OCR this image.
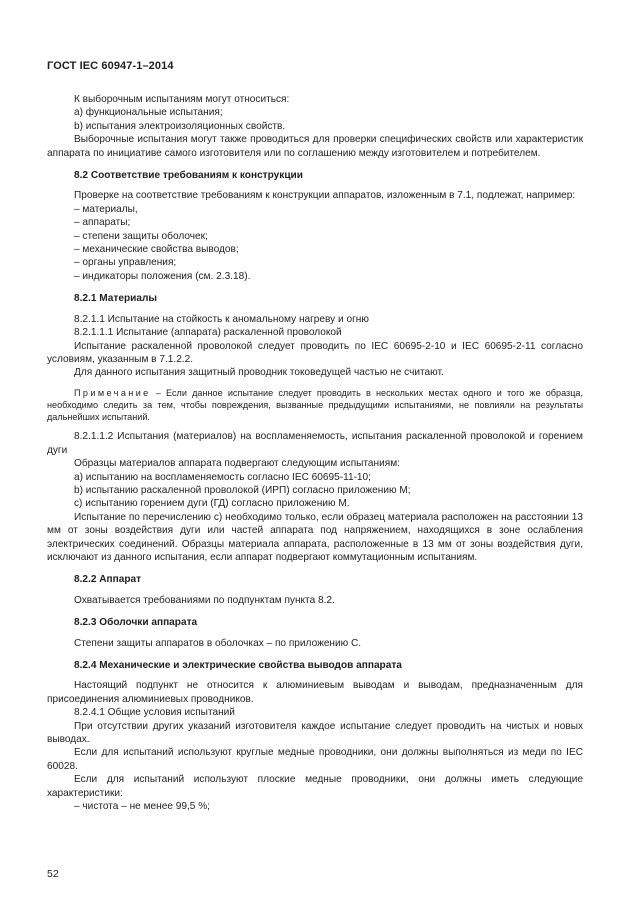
ГОСТ IEC 60947-1–2014

К выборочным испытаниям могут относиться:

a) функциональные испытания;

b) испытания электроизоляционных свойств.

Выборочные испытания могут также проводиться для проверки специфических свойств или характеристик аппарата по инициативе самого изготовителя или по соглашению между изготовителем и потребителем.

8.2 Соответствие требованиям к конструкции

Проверке на соответствие требованиям к конструкции аппаратов, изложенным в 7.1, подлежат, например:

– материалы,

– аппараты;

– степени защиты оболочек;

– механические свойства выводов;

– органы управления;

– индикаторы положения (см. 2.3.18).

8.2.1 Материалы

8.2.1.1 Испытание на стойкость к аномальному нагреву и огню

8.2.1.1.1 Испытание (аппарата) раскаленной проволокой

Испытание раскаленной проволокой следует проводить по IEC 60695-2-10 и IEC 60695-2-11 согласно условиям, указанным в 7.1.2.2.

Для данного испытания защитный проводник токоведущей частью не считают.

Примечание – Если данное испытание следует проводить в нескольких местах одного и того же образца, необходимо следить за тем, чтобы повреждения, вызванные предыдущими испытаниями, не повлияли на результаты дальнейших испытаний.

8.2.1.1.2 Испытания (материалов) на воспламеняемость, испытания раскаленной проволокой и горением дуги

Образцы материалов аппарата подвергают следующим испытаниям:

a) испытанию на воспламеняемость согласно IEC 60695-11-10;

b) испытанию раскаленной проволокой (ИРП) согласно приложению M;

c) испытанию горением дуги (ГД) согласно приложению M.

Испытание по перечислению с) необходимо только, если образец материала расположен на расстоянии 13 мм от зоны воздействия дуги или частей аппарата под напряжением, находящихся в зоне ослабления электрических соединений. Образцы материала аппарата, расположенные в 13 мм от зоны воздействия дуги, исключают из данного испытания, если аппарат подвергают коммутационным испытаниям.

8.2.2 Аппарат

Охватывается требованиями по подпунктам пункта 8.2.

8.2.3 Оболочки аппарата

Степени защиты аппаратов в оболочках – по приложению C.

8.2.4 Механические и электрические свойства выводов аппарата

Настоящий подпункт не относится к алюминиевым выводам и выводам, предназначенным для присоединения алюминиевых проводников.

8.2.4.1 Общие условия испытаний

При отсутствии других указаний изготовителя каждое испытание следует проводить на чистых и новых выводах.

Если для испытаний используют круглые медные проводники, они должны выполняться из меди по IEC 60028.

Если для испытаний используют плоские медные проводники, они должны иметь следующие характеристики:

– чистота – не менее 99,5 %;

52
